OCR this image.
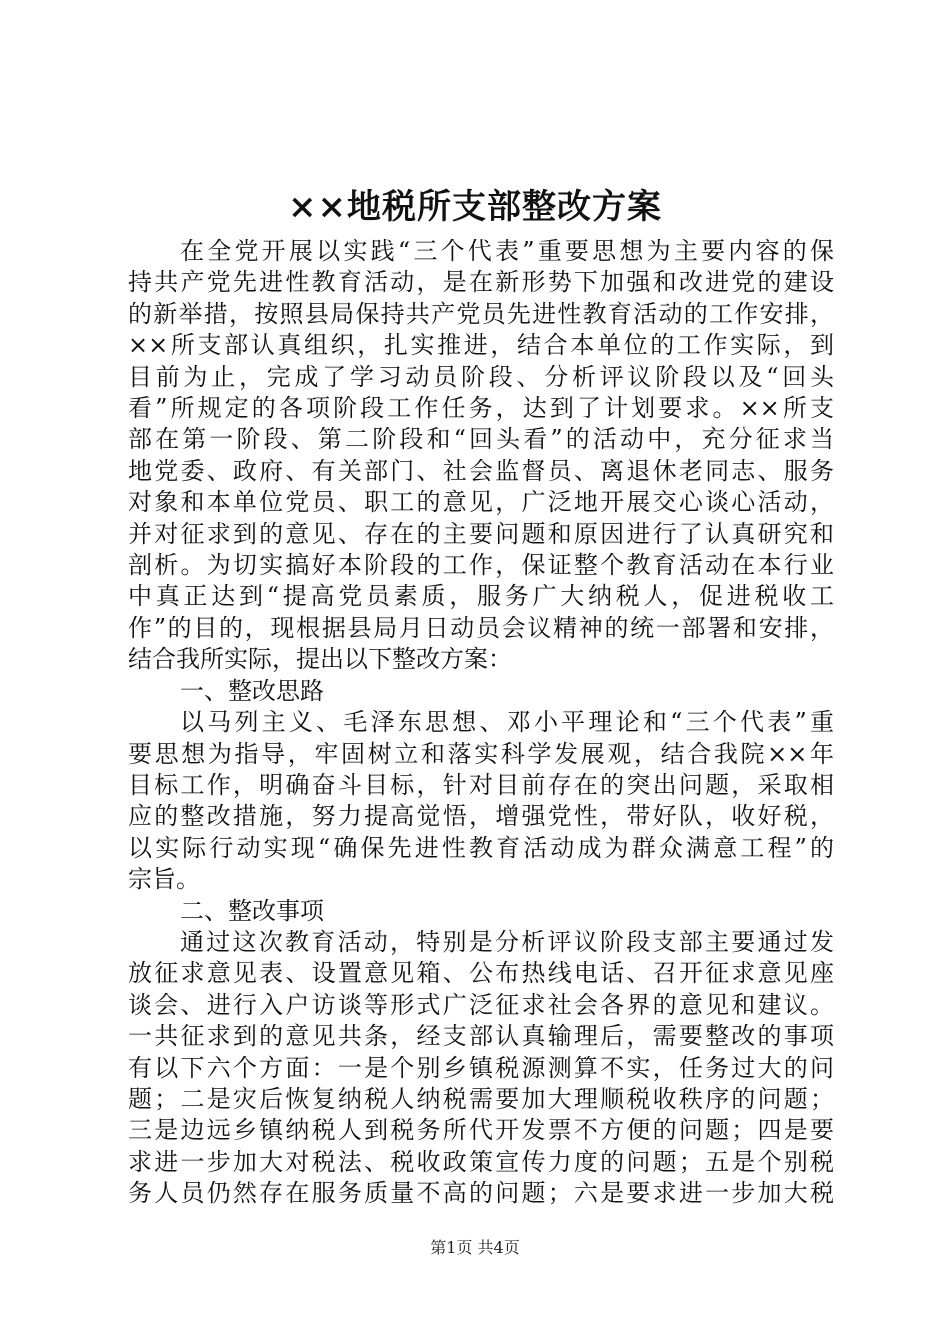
××地税所支部整改方案
在全党开展以实践“三个代表”重要思想为主要内容的保
持共产党先进性教育活动，是在新形势下加强和改进党的建设
的新举措，按照县局保持共产党员先进性教育活动的工作安排，
××所支部认真组织，扎实推进，结合本单位的工作实际，到
目前为止，完成了学习动员阶段、分析评议阶段以及“回头
看”所规定的各项阶段工作任务，达到了计划要求。××所支
部在第一阶段、第二阶段和“回头看”的活动中，充分征求当
地党委、政府、有关部门、社会监督员、离退休老同志、服务
对象和本单位党员、职工的意见，广泛地开展交心谈心活动，
并对征求到的意见、存在的主要问题和原因进行了认真研究和
剖析。为切实搞好本阶段的工作，保证整个教育活动在本行业
中真正达到“提高党员素质，服务广大纳税人，促进税收工
作”的目的，现根据县局月日动员会议精神的统一部署和安排，
结合我所实际，提出以下整改方案：
一、整改思路
以马列主义、毛泽东思想、邓小平理论和“三个代表”重
要思想为指导，牢固树立和落实科学发展观，结合我院××年
目标工作，明确奋斗目标，针对目前存在的突出问题，采取相
应的整改措施，努力提高觉悟，增强党性，带好队，收好税，
以实际行动实现“确保先进性教育活动成为群众满意工程”的
宗旨。
二、整改事项
通过这次教育活动，特别是分析评议阶段支部主要通过发
放征求意见表、设置意见箱、公布热线电话、召开征求意见座
谈会、进行入户访谈等形式广泛征求社会各界的意见和建议。
一共征求到的意见共条，经支部认真输理后，需要整改的事项
有以下六个方面：一是个别乡镇税源测算不实，任务过大的问
题；二是灾后恢复纳税人纳税需要加大理顺税收秩序的问题；
三是边远乡镇纳税人到税务所代开发票不方便的问题；四是要
求进一步加大对税法、税收政策宣传力度的问题；五是个别税
务人员仍然存在服务质量不高的问题；六是要求进一步加大税
第1页 共4页
